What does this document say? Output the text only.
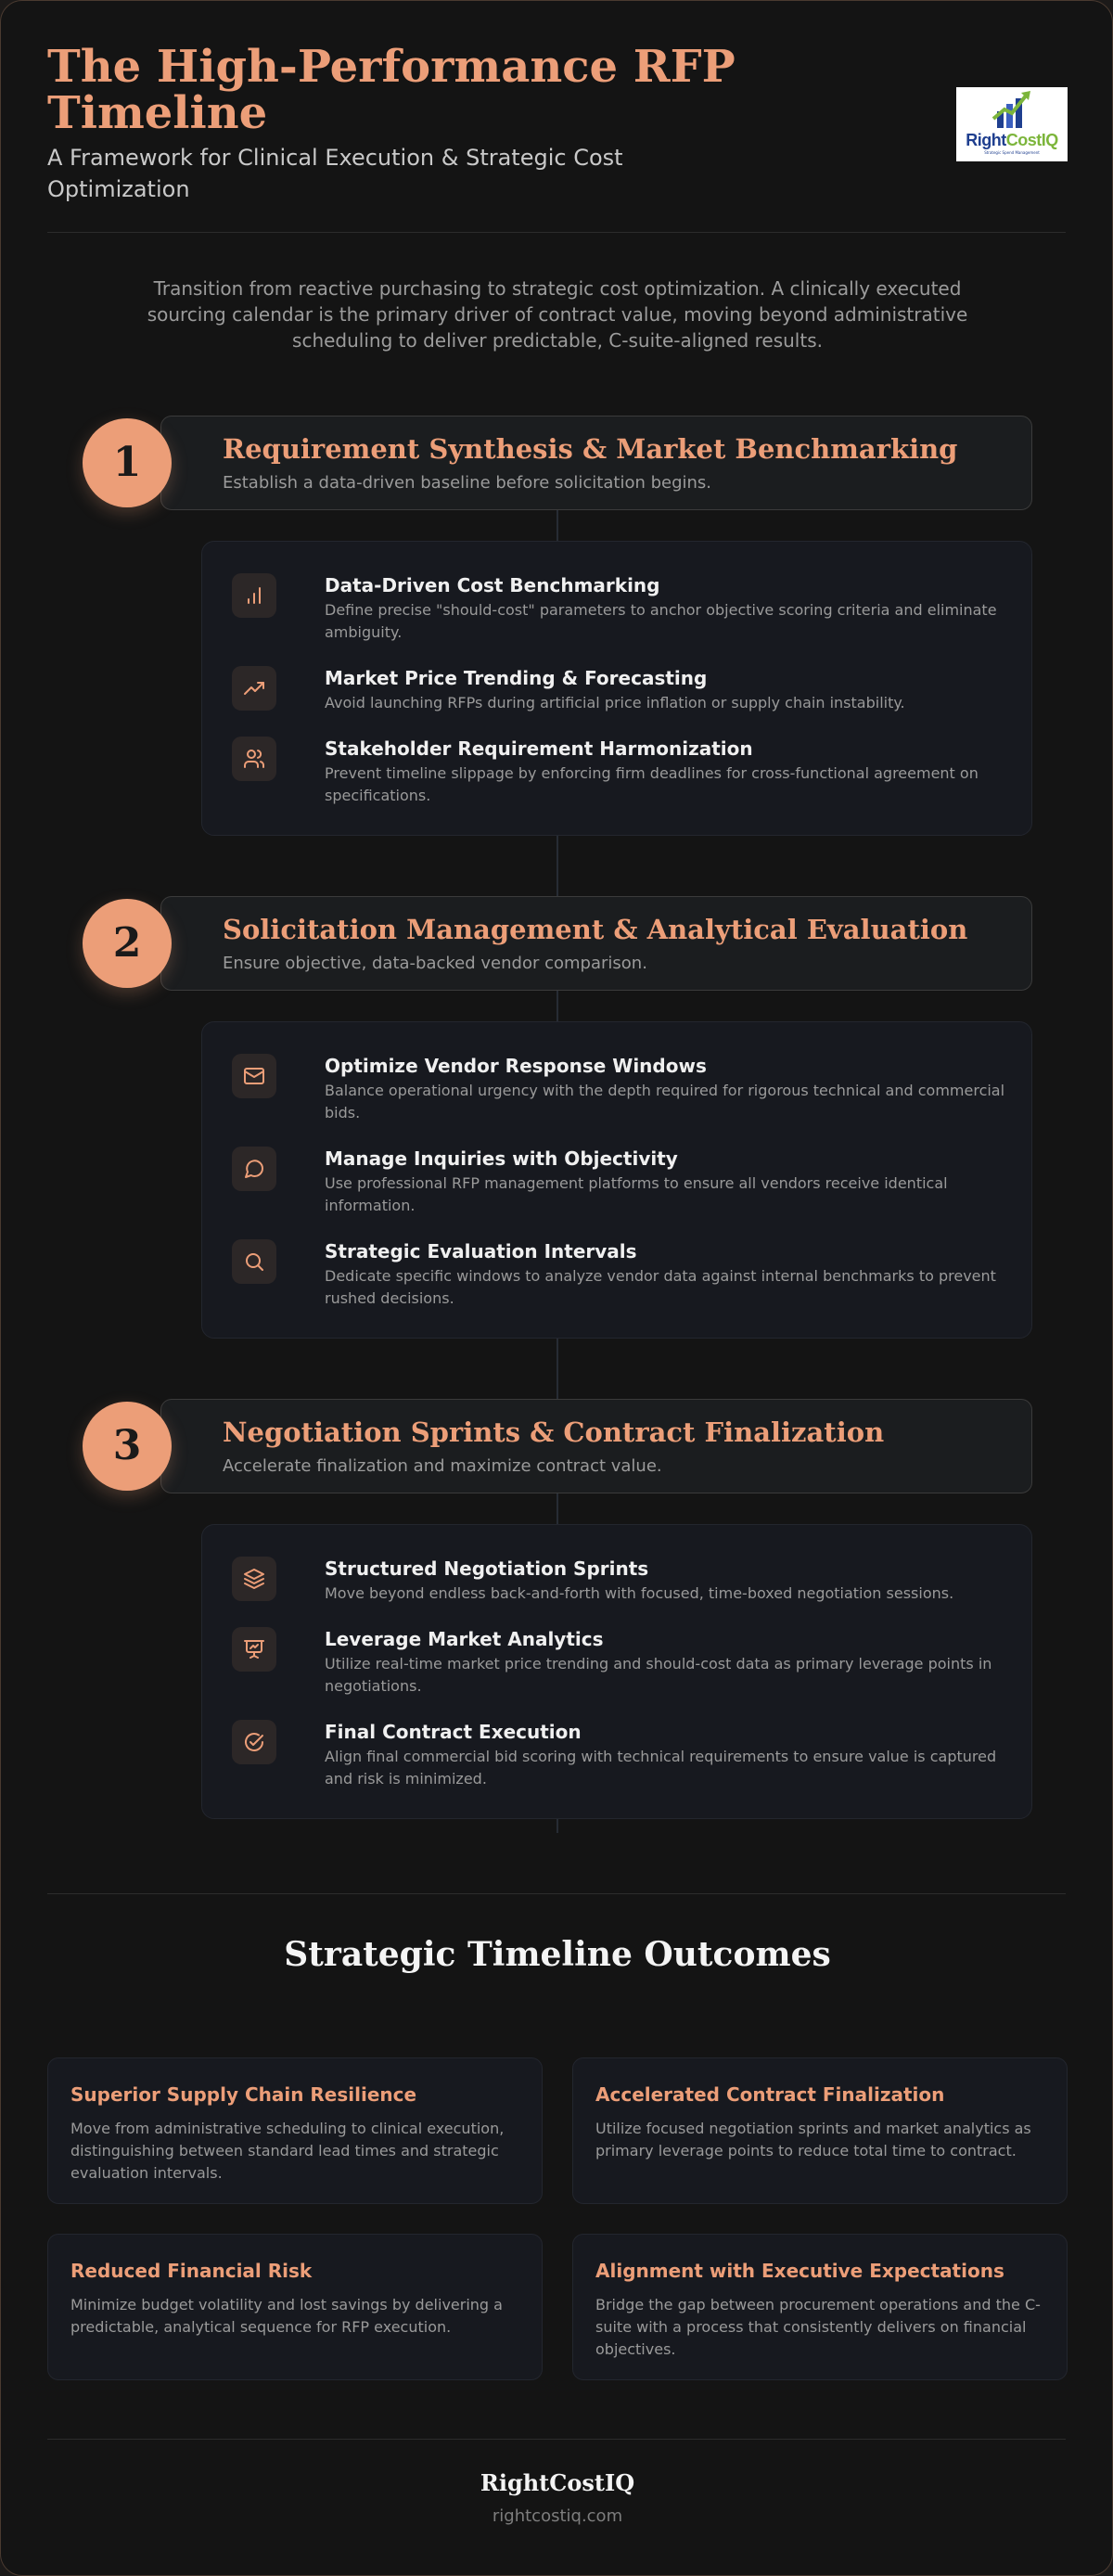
The High-Performance RFP Timeline
A Framework for Clinical Execution & Strategic Cost Optimization
RightCostIQ
Strategic Spend Management
Transition from reactive purchasing to strategic cost optimization. A clinically executed sourcing calendar is the primary driver of contract value, moving beyond administrative scheduling to deliver predictable, C-suite-aligned results.
Requirement Synthesis & Market Benchmarking
Establish a data-driven baseline before solicitation begins.
1
Data-Driven Cost Benchmarking
Define precise "should-cost" parameters to anchor objective scoring criteria and eliminate ambiguity.
Market Price Trending & Forecasting
Avoid launching RFPs during artificial price inflation or supply chain instability.
Stakeholder Requirement Harmonization
Prevent timeline slippage by enforcing firm deadlines for cross-functional agreement on specifications.
Solicitation Management & Analytical Evaluation
Ensure objective, data-backed vendor comparison.
2
Optimize Vendor Response Windows
Balance operational urgency with the depth required for rigorous technical and commercial bids.
Manage Inquiries with Objectivity
Use professional RFP management platforms to ensure all vendors receive identical information.
Strategic Evaluation Intervals
Dedicate specific windows to analyze vendor data against internal benchmarks to prevent rushed decisions.
Negotiation Sprints & Contract Finalization
Accelerate finalization and maximize contract value.
3
Structured Negotiation Sprints
Move beyond endless back-and-forth with focused, time-boxed negotiation sessions.
Leverage Market Analytics
Utilize real-time market price trending and should-cost data as primary leverage points in negotiations.
Final Contract Execution
Align final commercial bid scoring with technical requirements to ensure value is captured and risk is minimized.
Strategic Timeline Outcomes
Superior Supply Chain Resilience
Move from administrative scheduling to clinical execution, distinguishing between standard lead times and strategic evaluation intervals.
Accelerated Contract Finalization
Utilize focused negotiation sprints and market analytics as primary leverage points to reduce total time to contract.
Reduced Financial Risk
Minimize budget volatility and lost savings by delivering a predictable, analytical sequence for RFP execution.
Alignment with Executive Expectations
Bridge the gap between procurement operations and the C-suite with a process that consistently delivers on financial objectives.
RightCostIQ
rightcostiq.com
